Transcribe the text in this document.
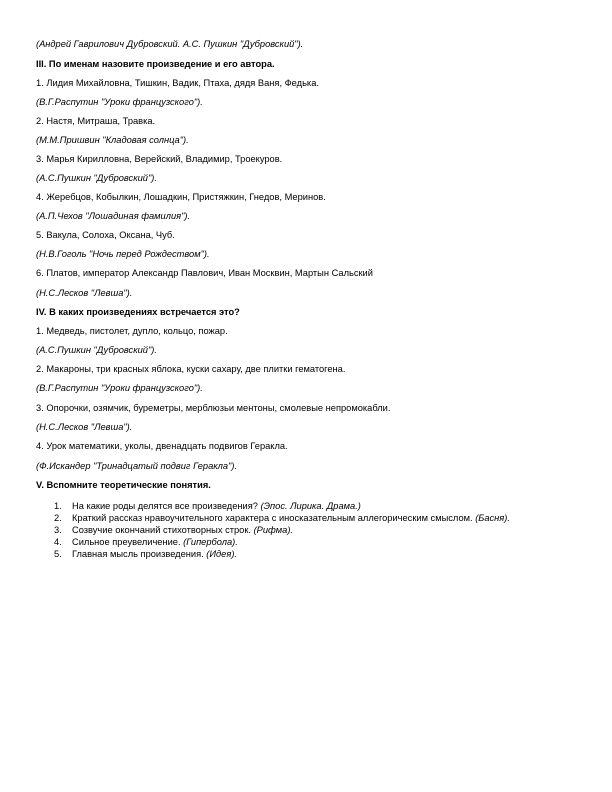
(Андрей Гаврилович Дубровский. А.С. Пушкин "Дубровский").
III. По именам назовите произведение и его автора.
1. Лидия Михайловна, Тишкин, Вадик, Птаха, дядя Ваня, Федька.
(В.Г.Распутин "Уроки французского").
2. Настя, Митраша, Травка.
(М.М.Пришвин "Кладовая солнца").
3. Марья Кирилловна, Верейский, Владимир, Троекуров.
(А.С.Пушкин "Дубровский").
4. Жеребцов, Кобылкин, Лошадкин, Пристяжкин, Гнедов, Меринов.
(А.П.Чехов "Лошадиная фамилия").
5. Вакула, Солоха, Оксана, Чуб.
(Н.В.Гоголь "Ночь перед Рождеством").
6. Платов, император Александр Павлович, Иван Москвин, Мартын Сальский
(Н.С.Лесков "Левша").
IV. В каких произведениях встречается это?
1. Медведь, пистолет, дупло, кольцо, пожар.
(А.С.Пушкин "Дубровский").
2. Макароны, три красных яблока, куски сахару, две плитки гематогена.
(В.Г.Распутин "Уроки французского").
3. Опорочки, озямчик, буреметры, мерблюзьи ментоны, смолевые непромокабли.
(Н.С.Лесков "Левша").
4. Урок математики, уколы, двенадцать подвигов Геракла.
(Ф.Искандер "Тринадцатый подвиг Геракла").
V. Вспомните теоретические понятия.
1. На какие роды делятся все произведения? (Эпос. Лирика. Драма.)
2. Краткий рассказ нравоучительного характера с иносказательным аллегорическим смыслом. (Басня).
3. Созвучие окончаний стихотворных строк. (Рифма).
4. Сильное преувеличение. (Гипербола).
5. Главная мысль произведения. (Идея).
